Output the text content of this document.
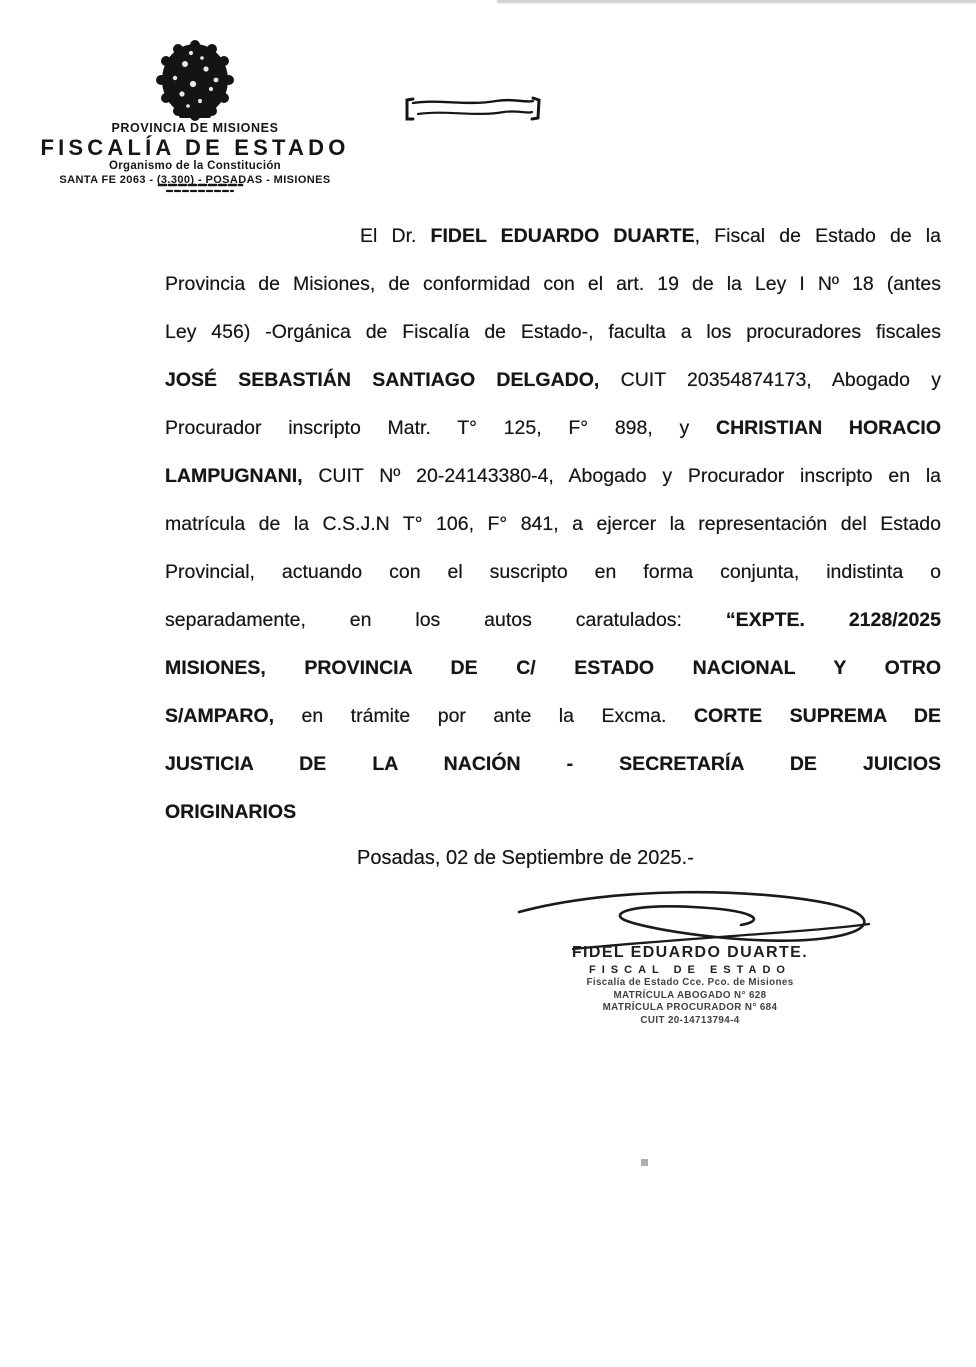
PROVINCIA DE MISIONES
FISCALÍA DE ESTADO
Organismo de la Constitución
SANTA FE 2063 - (3.300) - POSADAS - MISIONES
El Dr. FIDEL EDUARDO DUARTE, Fiscal de Estado de la
Provincia de Misiones, de conformidad con el art. 19 de la Ley I Nº 18 (antes
Ley 456) -Orgánica de Fiscalía de Estado-, faculta a los procuradores fiscales
JOSÉ SEBASTIÁN SANTIAGO DELGADO, CUIT 20354874173, Abogado y
Procurador inscripto Matr. T° 125, F° 898, y CHRISTIAN HORACIO
LAMPUGNANI, CUIT Nº 20-24143380-4, Abogado y Procurador inscripto en la
matrícula de la C.S.J.N T° 106, F° 841, a ejercer la representación del Estado
Provincial, actuando con el suscripto en forma conjunta, indistinta o
separadamente, en los autos caratulados: “EXPTE. 2128/2025
MISIONES, PROVINCIA DE C/ ESTADO NACIONAL Y OTRO
S/AMPARO, en trámite por ante la Excma. CORTE SUPREMA DE
JUSTICIA DE LA NACIÓN - SECRETARÍA DE JUICIOS
ORIGINARIOS
Posadas, 02 de Septiembre de 2025.-
FIDEL EDUARDO DUARTE.
FISCAL DE ESTADO
Fiscalía de Estado Cce. Pco. de Misiones
MATRÍCULA ABOGADO N° 628
MATRÍCULA PROCURADOR N° 684
CUIT 20-14713794-4
